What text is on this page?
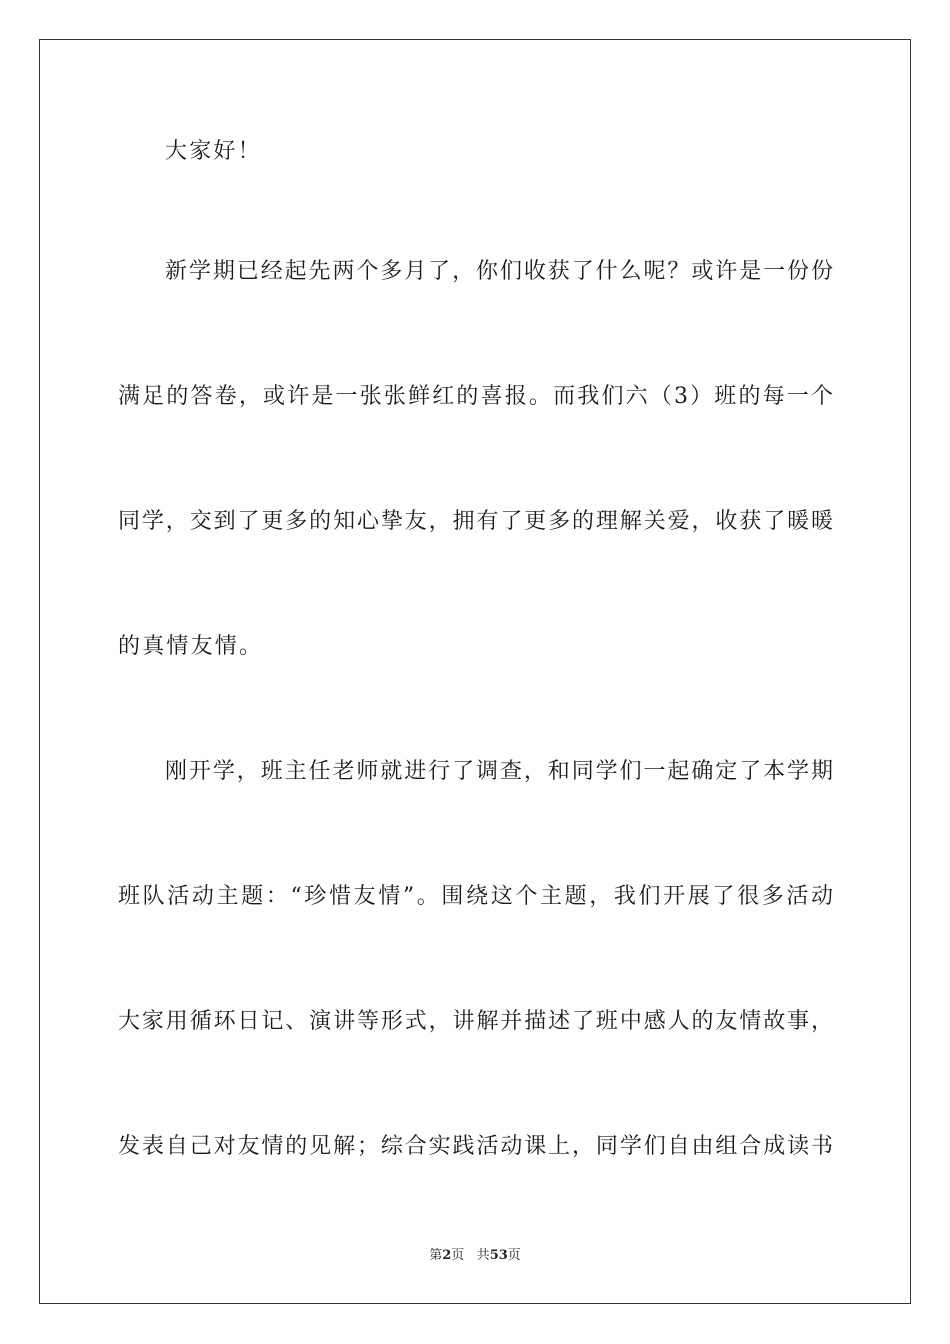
大家好！
新学期已经起先两个多月了，你们收获了什么呢？或许是一份份
满足的答卷，或许是一张张鲜红的喜报。而我们六（3）班的每一个
同学，交到了更多的知心挚友，拥有了更多的理解关爱，收获了暖暖
的真情友情。
刚开学，班主任老师就进行了调查，和同学们一起确定了本学期
班队活动主题：“珍惜友情”。围绕这个主题，我们开展了很多活动
大家用循环日记、演讲等形式，讲解并描述了班中感人的友情故事，
发表自己对友情的见解；综合实践活动课上，同学们自由组合成读书
第2页 共53页
